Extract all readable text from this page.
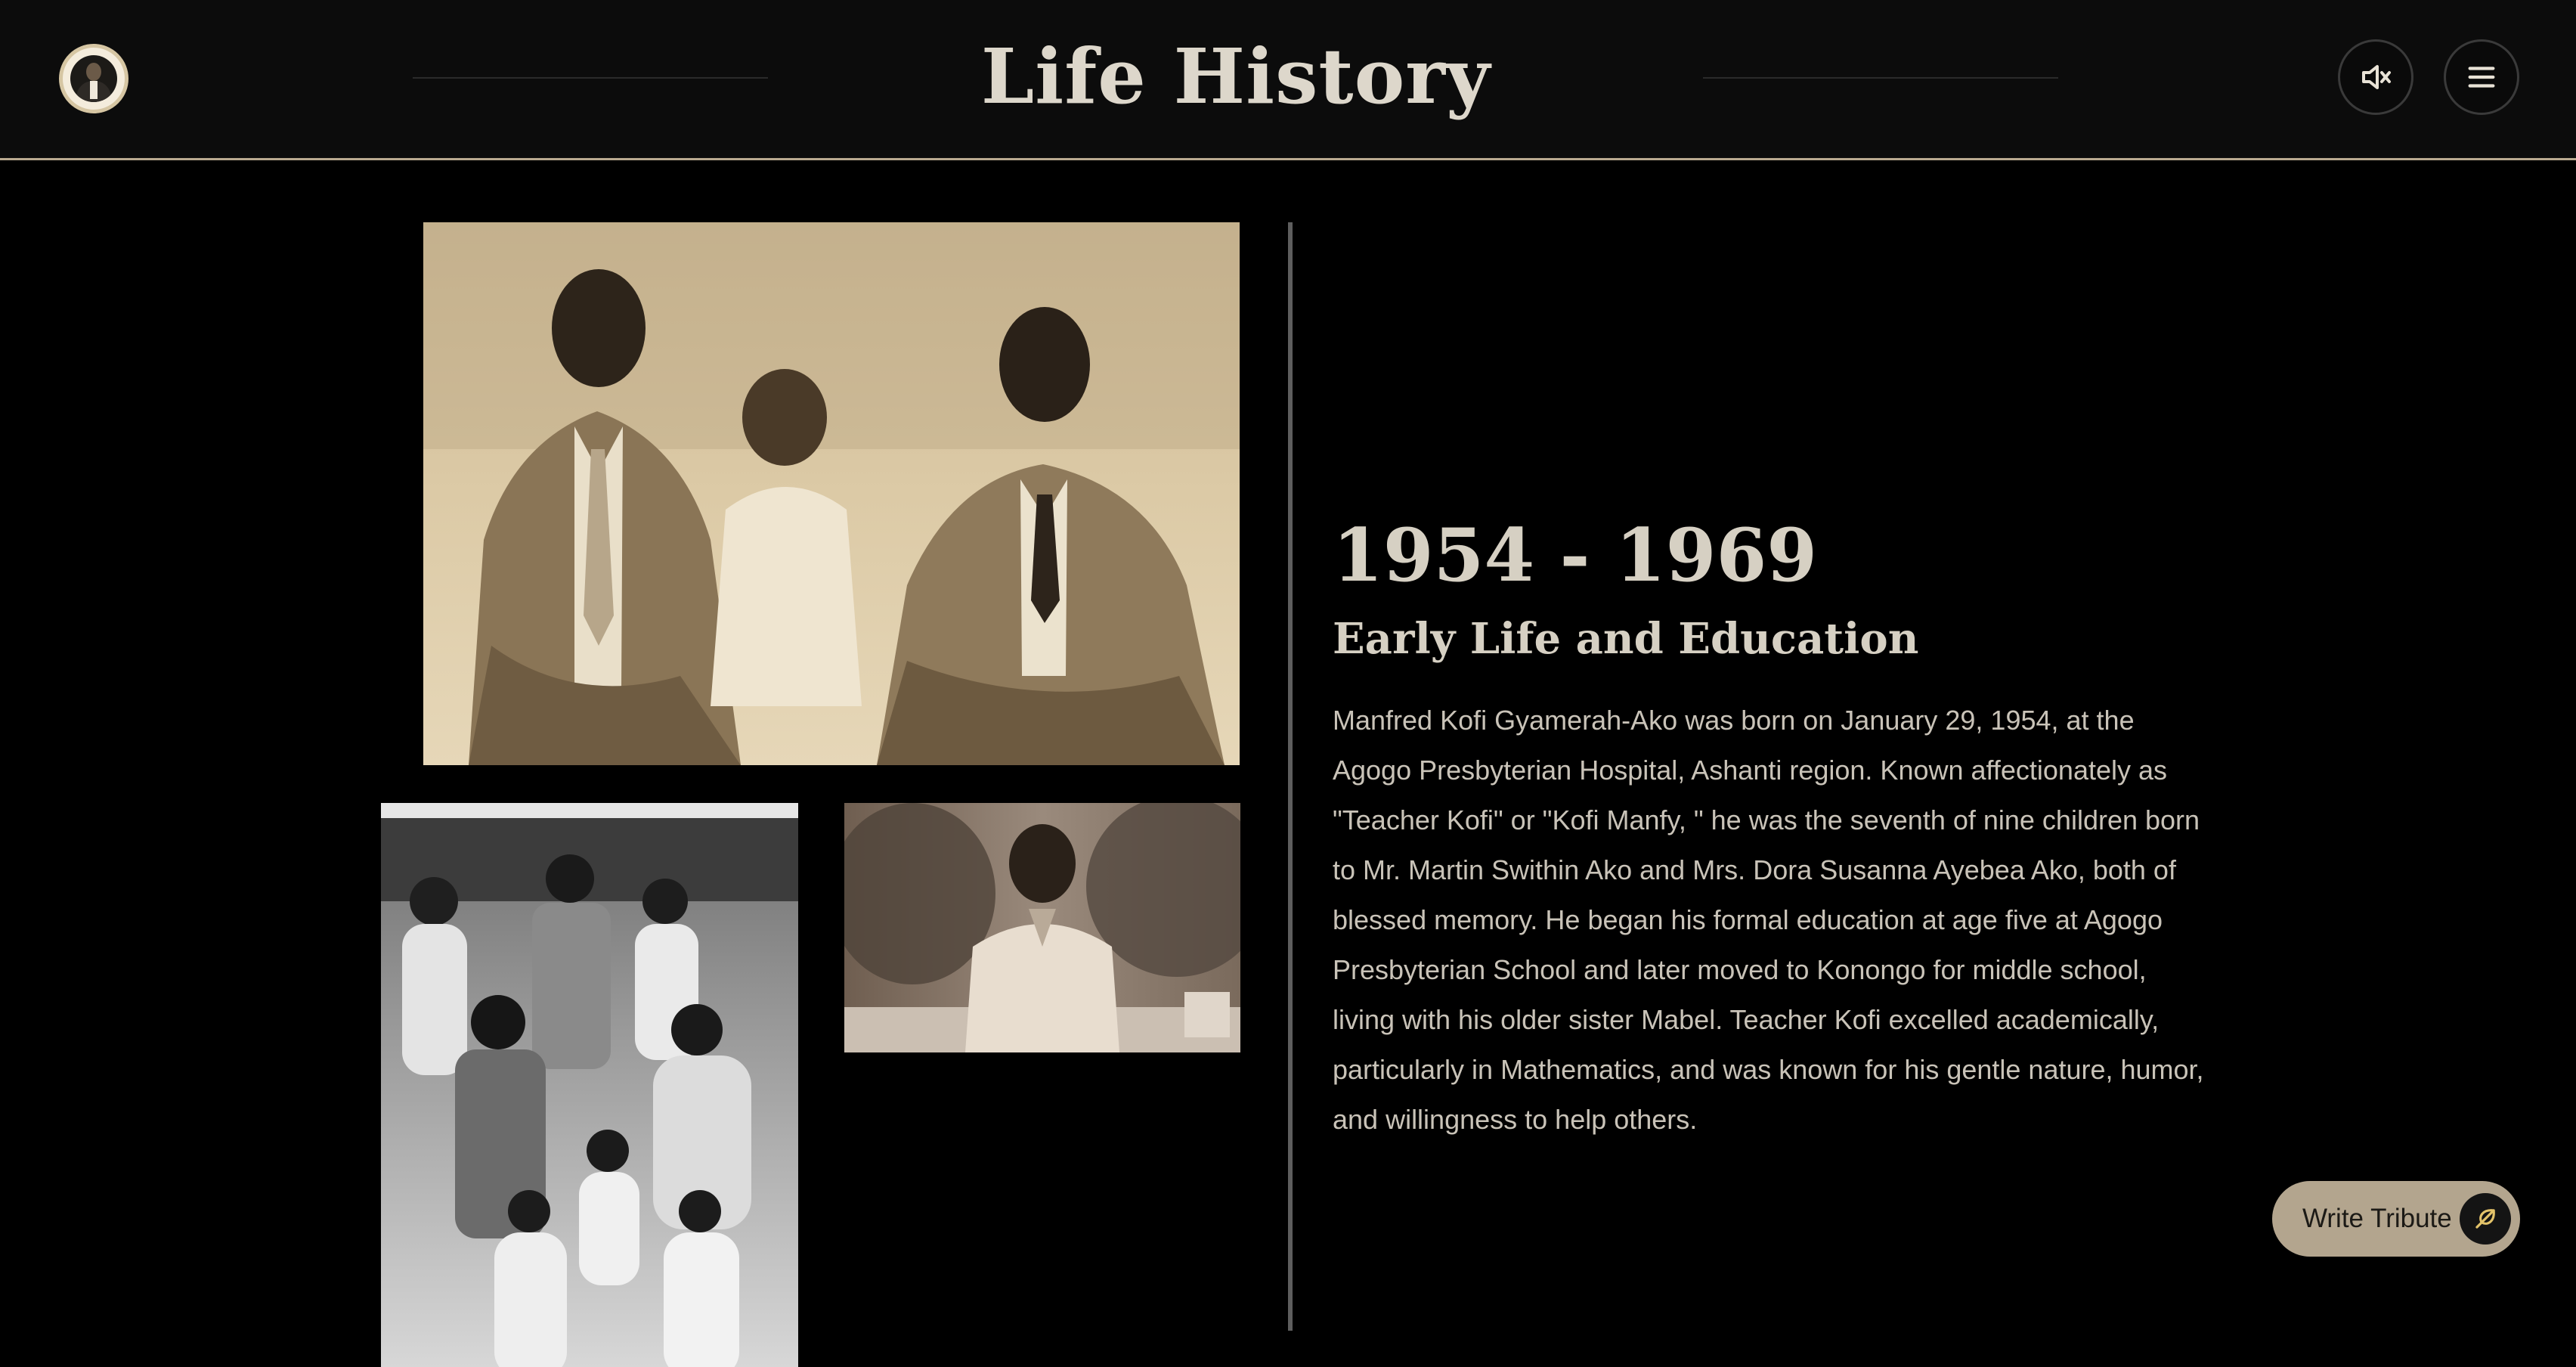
Life History
1954 - 1969
Early Life and Education

Manfred Kofi Gyamerah-Ako was born on January 29, 1954, at the Agogo Presbyterian Hospital, Ashanti region. Known affectionately as "Teacher Kofi" or "Kofi Manfy, " he was the seventh of nine children born to Mr. Martin Swithin Ako and Mrs. Dora Susanna Ayebea Ako, both of blessed memory. He began his formal education at age five at Agogo Presbyterian School and later moved to Konongo for middle school, living with his older sister Mabel. Teacher Kofi excelled academically, particularly in Mathematics, and was known for his gentle nature, humor, and willingness to help others.

Write Tribute
